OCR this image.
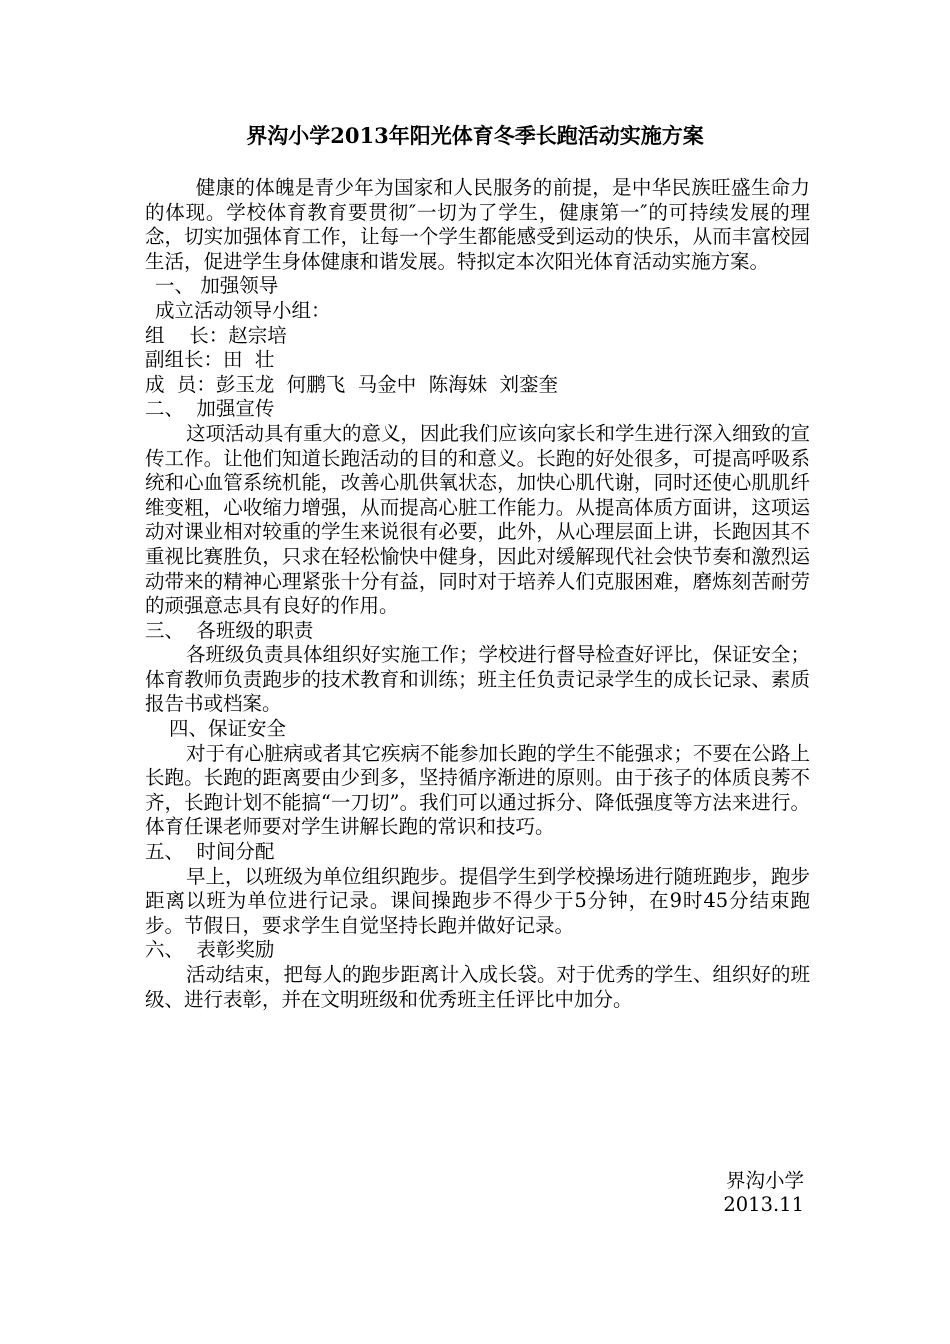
界沟小学2013年阳光体育冬季长跑活动实施方案

健康的体魄是青少年为国家和人民服务的前提，是中华民族旺盛生命力的体现。学校体育教育要贯彻″一切为了学生，健康第一″的可持续发展的理念，切实加强体育工作，让每一个学生都能感受到运动的快乐，从而丰富校园生活，促进学生身体健康和谐发展。特拟定本次阳光体育活动实施方案。

一、 加强领导

成立活动领导小组：

组    长：赵宗培

副组长：田  壮

成  员：彭玉龙  何鹏飞  马金中  陈海妹  刘銮奎

二、  加强宣传

这项活动具有重大的意义，因此我们应该向家长和学生进行深入细致的宣传工作。让他们知道长跑活动的目的和意义。长跑的好处很多，可提高呼吸系统和心血管系统机能，改善心肌供氧状态，加快心肌代谢，同时还使心肌肌纤维变粗，心收缩力增强，从而提高心脏工作能力。从提高体质方面讲，这项运动对课业相对较重的学生来说很有必要，此外，从心理层面上讲，长跑因其不重视比赛胜负，只求在轻松愉快中健身，因此对缓解现代社会快节奏和激烈运动带来的精神心理紧张十分有益，同时对于培养人们克服困难，磨炼刻苦耐劳的顽强意志具有良好的作用。

三、  各班级的职责

各班级负责具体组织好实施工作；学校进行督导检查好评比，保证安全；体育教师负责跑步的技术教育和训练；班主任负责记录学生的成长记录、素质报告书或档案。

四、保证安全

对于有心脏病或者其它疾病不能参加长跑的学生不能强求；不要在公路上长跑。长跑的距离要由少到多，坚持循序渐进的原则。由于孩子的体质良莠不齐，长跑计划不能搞“一刀切”。我们可以通过拆分、降低强度等方法来进行。体育任课老师要对学生讲解长跑的常识和技巧。

五、  时间分配

早上，以班级为单位组织跑步。提倡学生到学校操场进行随班跑步，跑步距离以班为单位进行记录。课间操跑步不得少于5分钟，在9时45分结束跑步。节假日，要求学生自觉坚持长跑并做好记录。

六、  表彰奖励

活动结束，把每人的跑步距离计入成长袋。对于优秀的学生、组织好的班级、进行表彰，并在文明班级和优秀班主任评比中加分。

界沟小学

2013.11
